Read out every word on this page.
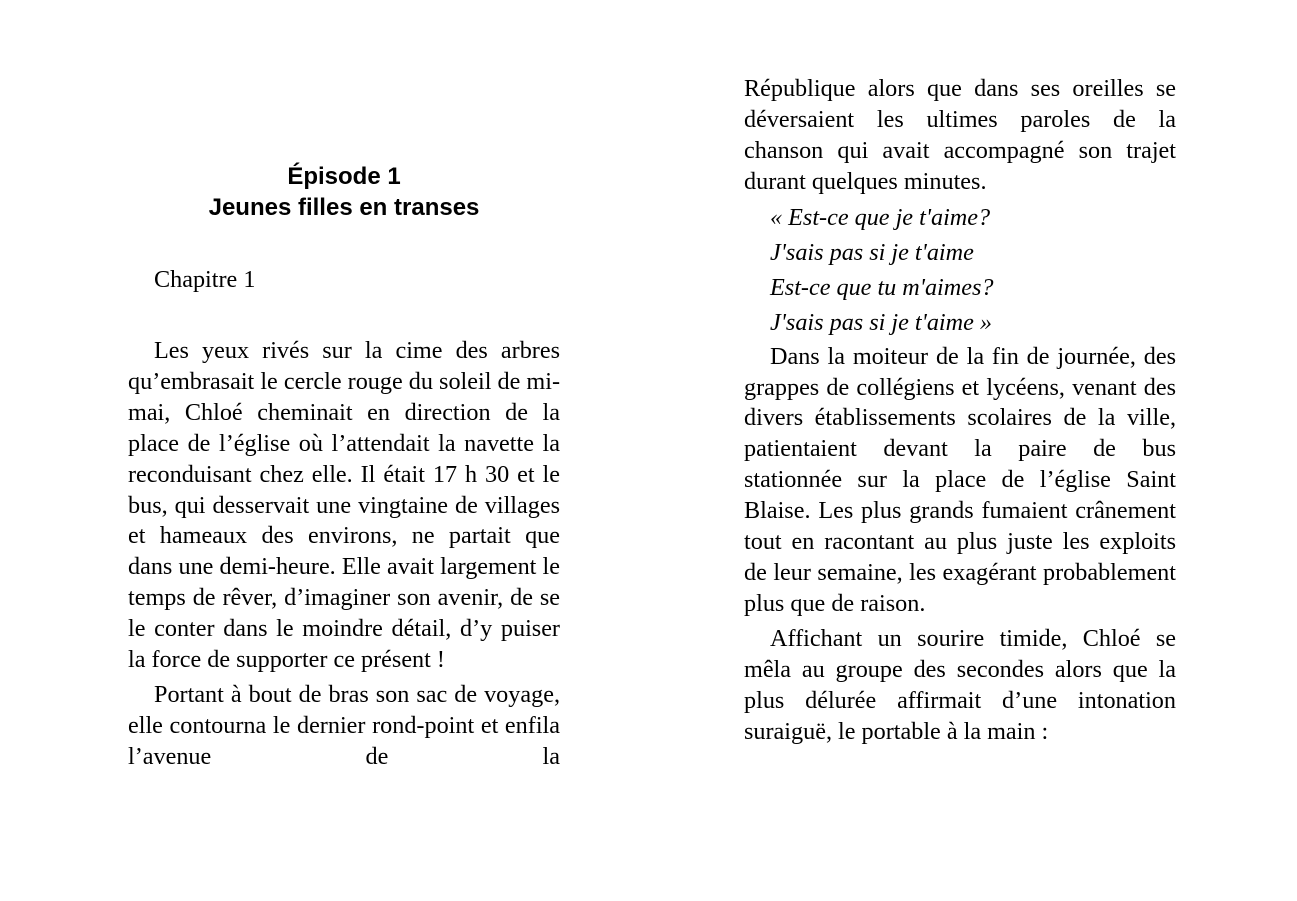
Épisode 1
Jeunes filles en transes
Chapitre 1

Les yeux rivés sur la cime des arbres qu’embrasait le cercle rouge du soleil de mi-mai, Chloé cheminait en direction de la place de l’église où l’attendait la navette la reconduisant chez elle. Il était 17 h 30 et le bus, qui desservait une vingtaine de villages et hameaux des environs, ne partait que dans une demi-heure. Elle avait largement le temps de rêver, d’imaginer son avenir, de se le conter dans le moindre détail, d’y puiser la force de supporter ce présent !

Portant à bout de bras son sac de voyage, elle contourna le dernier rond-point et enfila l’avenue de la

République alors que dans ses oreilles se déversaient les ultimes paroles de la chanson qui avait accompagné son trajet durant quelques minutes.

« Est-ce que je t'aime?

J'sais pas si je t'aime

Est-ce que tu m'aimes?

J'sais pas si je t'aime »

Dans la moiteur de la fin de journée, des grappes de collégiens et lycéens, venant des divers établissements scolaires de la ville, patientaient devant la paire de bus stationnée sur la place de l’église Saint Blaise. Les plus grands fumaient crânement tout en racontant au plus juste les exploits de leur semaine, les exagérant probablement plus que de raison.

Affichant un sourire timide, Chloé se mêla au groupe des secondes alors que la plus délurée affirmait d’une intonation suraiguë, le portable à la main :
